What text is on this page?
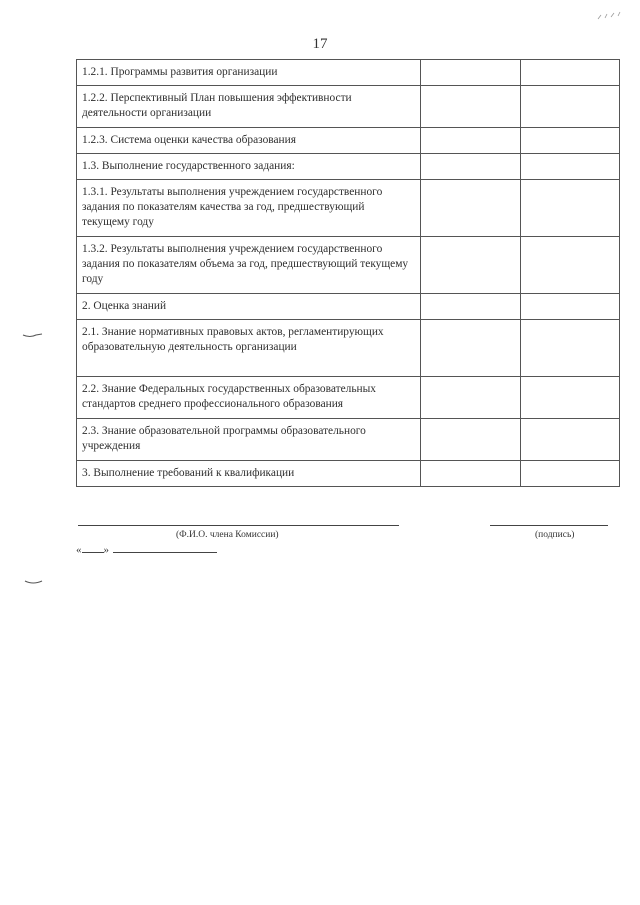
17
1.2.1. Программы развития организации		
1.2.2. Перспективный План повышения эффективности деятельности организации		
1.2.3. Система оценки качества образования		
1.3. Выполнение государственного задания:		
1.3.1. Результаты выполнения учреждением государственного задания по показателям качества за год, предшествующий текущему году		
1.3.2. Результаты выполнения учреждением государственного задания по показателям объема за год, предшествующий текущему году		
2. Оценка знаний		
2.1. Знание нормативных правовых актов, регламентирующих образовательную деятельность организации		
2.2. Знание Федеральных государственных образовательных стандартов среднего профессионального образования		
2.3. Знание образовательной программы образовательного учреждения		
3. Выполнение требований к квалификации		
(Ф.И.О. члена Комиссии)	(подпись)
« »
